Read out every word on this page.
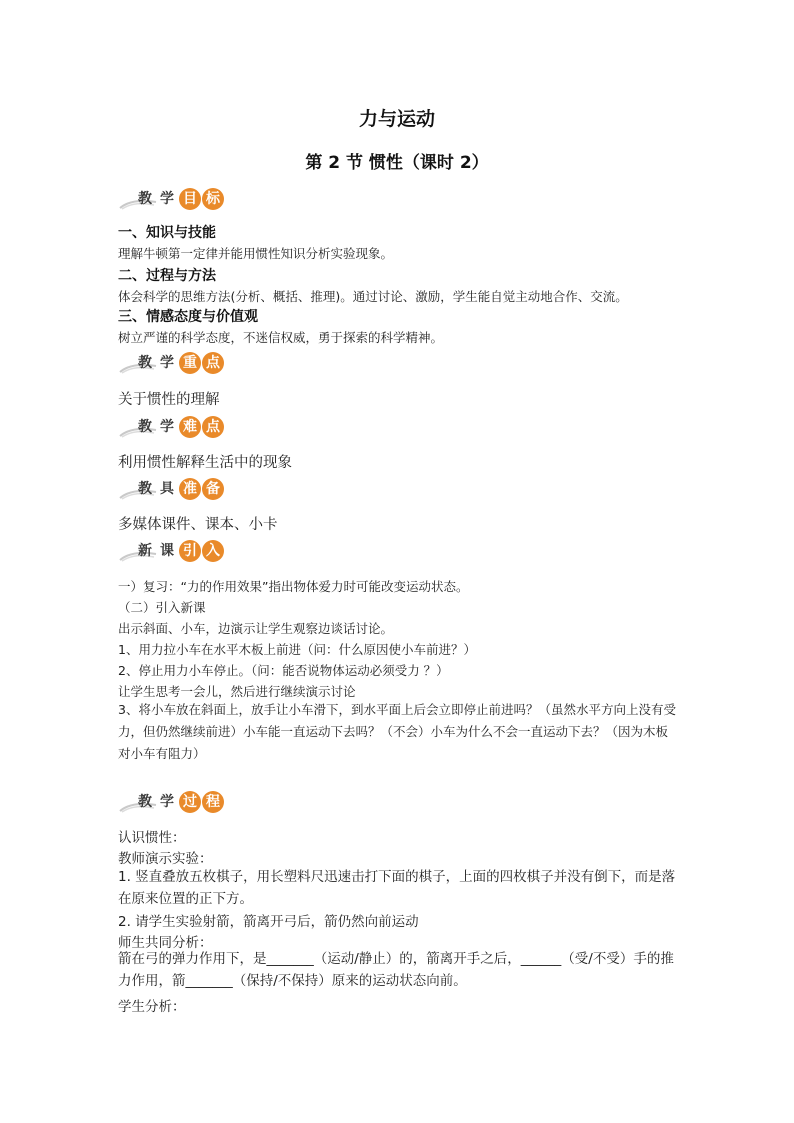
力与运动
第 2 节 惯性（课时 2）
教 学 目 标
一、知识与技能
理解牛顿第一定律并能用惯性知识分析实验现象。
二、过程与方法
体会科学的思维方法(分析、概括、推理)。通过讨论、激励，学生能自觉主动地合作、交流。
三、情感态度与价值观
树立严谨的科学态度，不迷信权威，勇于探索的科学精神。
教 学 重 点
关于惯性的理解
教 学 难 点
利用惯性解释生活中的现象
教 具 准 备
多媒体课件、课本、小卡
新 课 引 入
一）复习：“力的作用效果”指出物体爱力时可能改变运动状态。
（二）引入新课
出示斜面、小车，边演示让学生观察边谈话讨论。
1、用力拉小车在水平木板上前进（问：什么原因使小车前进？）
2、停止用力小车停止。（问：能否说物体运动必须受力 ？）
让学生思考一会儿，然后进行继续演示讨论
3、将小车放在斜面上，放手让小车滑下，到水平面上后会立即停止前进吗？（虽然水平方向上没有受力，但仍然继续前进）小车能一直运动下去吗？（不会）小车为什么不会一直运动下去？（因为木板对小车有阻力）
教 学 过 程
认识惯性：
教师演示实验：
1. 竖直叠放五枚棋子，用长塑料尺迅速击打下面的棋子，上面的四枚棋子并没有倒下，而是落在原来位置的正下方。
2. 请学生实验射箭，箭离开弓后，箭仍然向前运动
师生共同分析：
箭在弓的弹力作用下，是_______（运动/静止）的，箭离开手之后，______（受/不受）手的推力作用，箭_______（保持/不保持）原来的运动状态向前。
学生分析：
